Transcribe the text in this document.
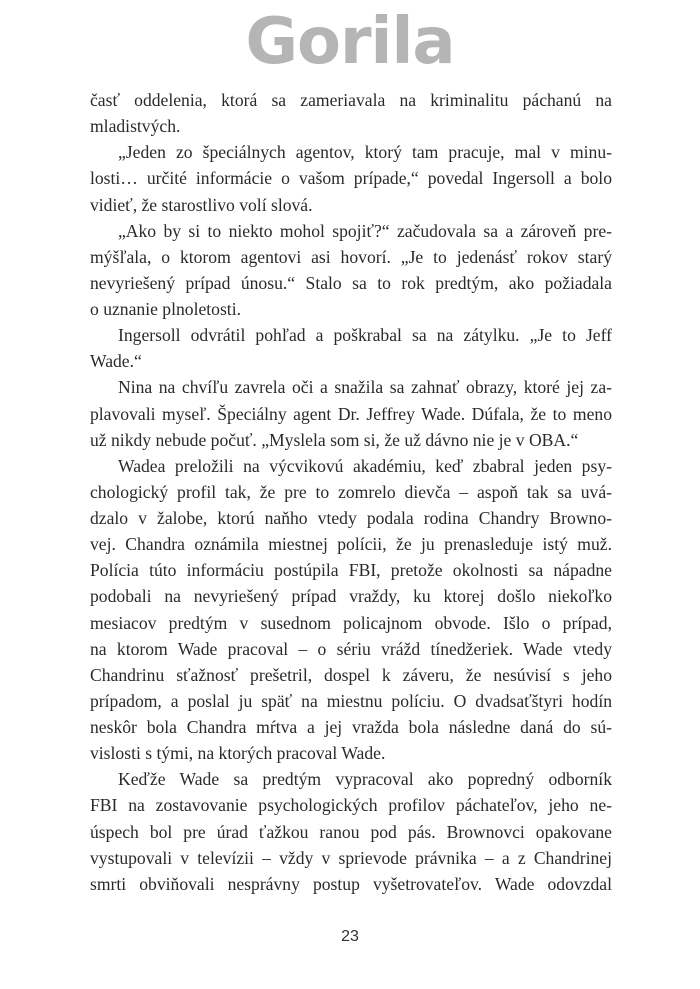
Gorila
časť oddelenia, ktorá sa zameriavala na kriminalitu páchanú na
mladistvých.
„Jeden zo špeciálnych agentov, ktorý tam pracuje, mal v minu-
losti… určité informácie o vašom prípade,“ povedal Ingersoll a bolo
vidieť, že starostlivo volí slová.
„Ako by si to niekto mohol spojiť?“ začudovala sa a zároveň pre-
mýšľala, o ktorom agentovi asi hovorí. „Je to jedenásť rokov starý
nevyriešený prípad únosu.“ Stalo sa to rok predtým, ako požiadala
o uznanie plnoletosti.
Ingersoll odvrátil pohľad a poškrabal sa na zátylku. „Je to Jeff
Wade.“
Nina na chvíľu zavrela oči a snažila sa zahnať obrazy, ktoré jej za-
plavovali myseľ. Špeciálny agent Dr. Jeffrey Wade. Dúfala, že to meno
už nikdy nebude počuť. „Myslela som si, že už dávno nie je v OBA.“
Wadea preložili na výcvikovú akadémiu, keď zbabral jeden psy-
chologický profil tak, že pre to zomrelo dievča – aspoň tak sa uvá-
dzalo v žalobe, ktorú naňho vtedy podala rodina Chandry Browno-
vej. Chandra oznámila miestnej polícii, že ju prenasleduje istý muž.
Polícia túto informáciu postúpila FBI, pretože okolnosti sa nápadne
podobali na nevyriešený prípad vraždy, ku ktorej došlo niekoľko
mesiacov predtým v susednom policajnom obvode. Išlo o prípad,
na ktorom Wade pracoval – o sériu vrážd tínedžeriek. Wade vtedy
Chandrinu sťažnosť prešetril, dospel k záveru, že nesúvisí s jeho
prípadom, a poslal ju späť na miestnu políciu. O dvadsaťštyri hodín
neskôr bola Chandra mŕtva a jej vražda bola následne daná do sú-
vislosti s tými, na ktorých pracoval Wade.
Keďže Wade sa predtým vypracoval ako popredný odborník
FBI na zostavovanie psychologických profilov páchateľov, jeho ne-
úspech bol pre úrad ťažkou ranou pod pás. Brownovci opakovane
vystupovali v televízii – vždy v sprievode právnika – a z Chandrinej
smrti obviňovali nesprávny postup vyšetrovateľov. Wade odovzdal
23
